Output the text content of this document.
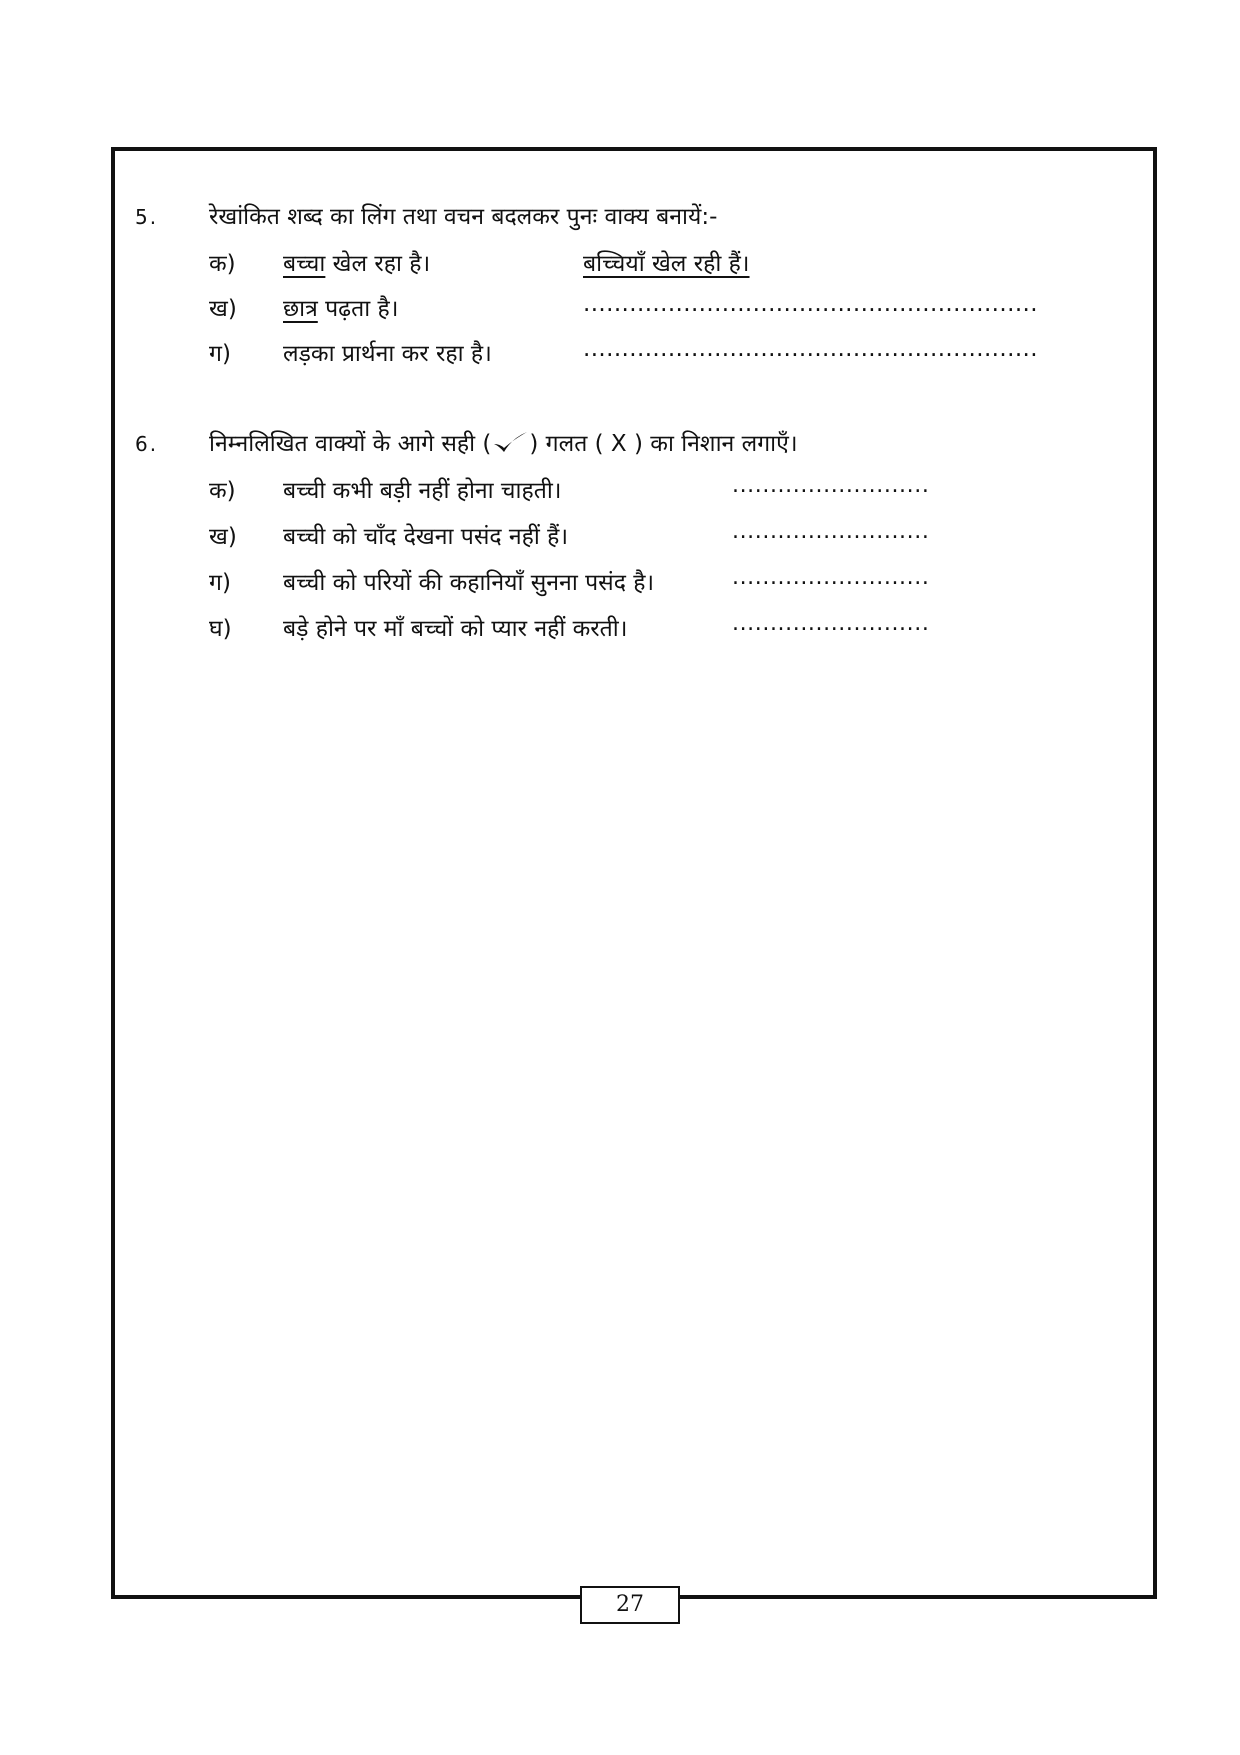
5. रेखांकित शब्द का लिंग तथा वचन बदलकर पुनः वाक्य बनायें:-
क) बच्चा खेल रहा है।	बच्चियाँ खेल रही हैं।
ख) छात्र पढ़ता है।	...........................................................
ग) लड़का प्रार्थना कर रहा है।	...........................................................
6. निम्नलिखित वाक्यों के आगे सही ( ) गलत ( X ) का निशान लगाएँ।
क) बच्ची कभी बड़ी नहीं होना चाहती।	..........................
ख) बच्ची को चाँद देखना पसंद नहीं हैं।	..........................
ग) बच्ची को परियों की कहानियाँ सुनना पसंद है।	..........................
घ) बड़े होने पर माँ बच्चों को प्यार नहीं करती।	..........................
27
